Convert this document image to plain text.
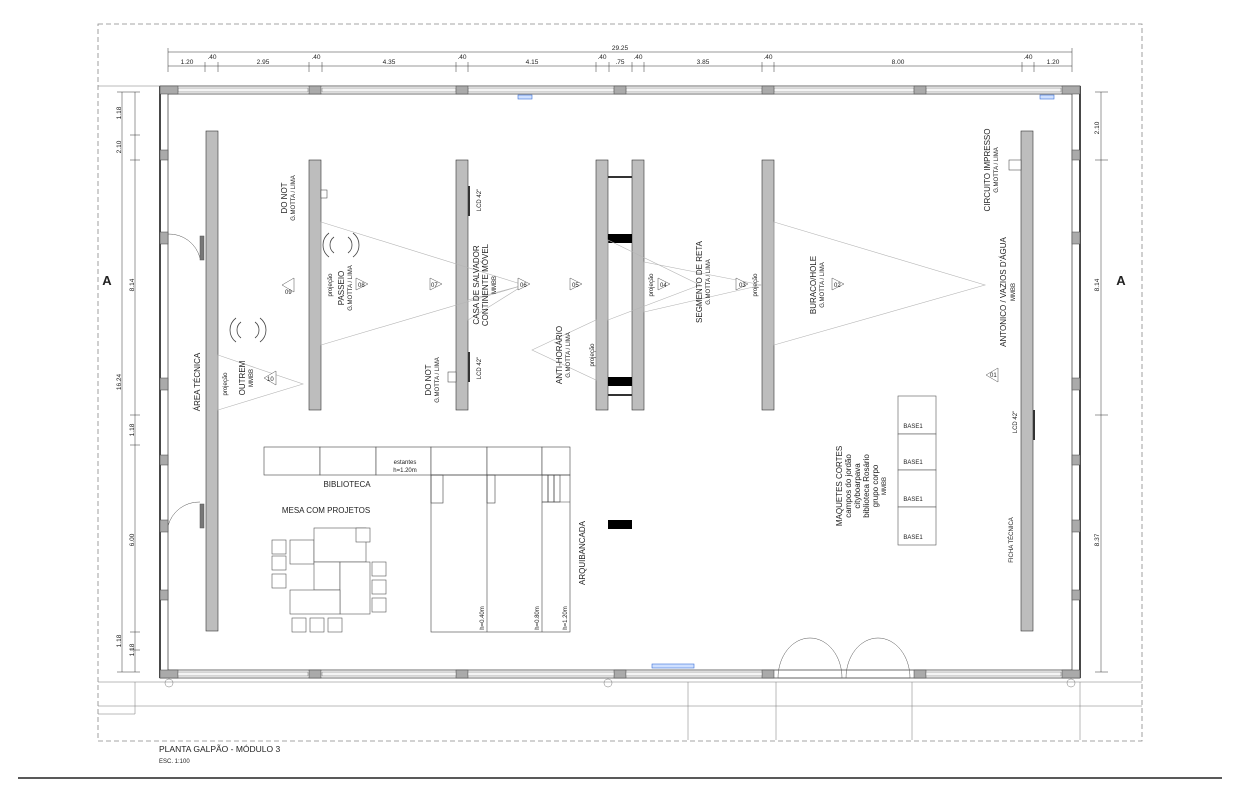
29.25
1.20
.40
2.95
.40
4.35
.40
4.15
.40
.75
.40
3.85
.40
8.00
.40
1.20
1.18
2.10
8.14
16.24
1.18
6.00
1.18
1.18
2.10
8.14
8.37
A	A
01
02
03
04
05
06
07
08
09
10
projeção
projeção
projeção
projeção	projeção
LCD 42"
LCD 42"
LCD 42"
OUTREM MMBB
DO NOT G.MOTTA / LIMA
PASSEIO G.MOTTA / LIMA	CASA DE SALVADOR CONTINENTE MÓVEL MMBB
DO NOT G.MOTTA / LIMA	ANTI-HORÁRIO G.MOTTA / LIMA
SEGMENTO DE RETA G.MOTTA / LIMA	BURACO/HOLE G.MOTTA / LIMA
CIRCUITO IMPRESSO G.MOTTA / LIMA
ANTONICO / VAZIOS D'ÁGUA MMBB
ÁREA TÉCNICA
FICHA TÉCNICA
estantes
h=1.20m
BIBLIOTECA
h=0.40m	h=0.80m	h=1.20m
ARQUIBANCADA
MESA COM PROJETOS
BASE1
BASE1
BASE1
BASE1
MAQUETES CORTES campos do jordão cityboarpava biblioteca Rosário grupo corpo MMBB
PLANTA GALPÃO - MÓDULO 3
ESC. 1:100
